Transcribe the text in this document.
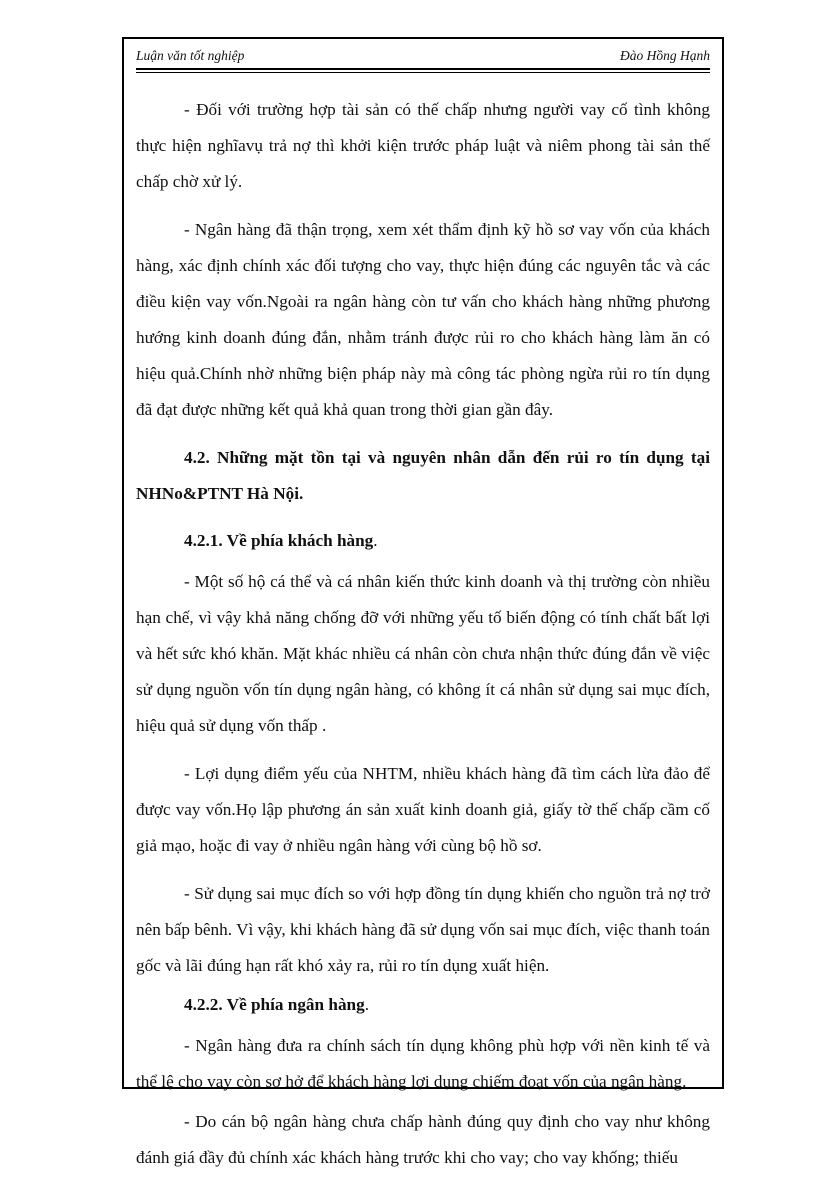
Luận văn tốt nghiệp	Đào Hồng Hạnh

- Đối với trường hợp tài sản có thế chấp nhưng người vay cố tình không thực hiện nghĩavụ trả nợ thì khởi kiện trước pháp luật và niêm phong tài sản thế chấp chờ xử lý.

- Ngân hàng đã thận trọng, xem xét thẩm định kỹ hồ sơ vay vốn của khách hàng, xác định chính xác đối tượng cho vay, thực hiện đúng các nguyên tắc và các điều kiện vay vốn.Ngoài ra ngân hàng còn tư vấn cho khách hàng những phương hướng kinh doanh đúng đắn, nhằm tránh được rủi ro cho khách hàng làm ăn có hiệu quả.Chính nhờ những biện pháp này mà công tác phòng ngừa rủi ro tín dụng đã đạt được những kết quả khả quan trong thời gian gần đây.

4.2. Những mặt tồn tại và nguyên nhân dẫn đến rủi ro tín dụng tại NHNo&PTNT Hà Nội.

4.2.1. Về phía khách hàng.

- Một số hộ cá thể và cá nhân kiến thức kinh doanh và thị trường còn nhiều hạn chế, vì vậy khả năng chống đỡ với những yếu tố biến động có tính chất bất lợi và hết sức khó khăn. Mặt khác nhiều cá nhân còn chưa nhận thức đúng đắn về việc sử dụng nguồn vốn tín dụng ngân hàng, có không ít cá nhân sử dụng sai mục đích, hiệu quả sử dụng vốn thấp .

- Lợi dụng điểm yếu của NHTM, nhiều khách hàng đã tìm cách lừa đảo để được vay vốn.Họ lập phương án sản xuất kinh doanh giả, giấy tờ thế chấp cầm cố giả mạo, hoặc đi vay ở nhiều ngân hàng với cùng bộ hồ sơ.

- Sử dụng sai mục đích so với hợp đồng tín dụng khiến cho nguồn trả nợ trở nên bấp bênh. Vì vậy, khi khách hàng đã sử dụng vốn sai mục đích, việc thanh toán gốc và lãi đúng hạn rất khó xảy ra, rủi ro tín dụng xuất hiện.

4.2.2. Về phía ngân hàng.

- Ngân hàng đưa ra chính sách tín dụng không phù hợp với nền kinh tế và thể lệ cho vay còn sơ hở để khách hàng lợi dụng chiếm đoạt vốn của ngân hàng.

- Do cán bộ ngân hàng chưa chấp hành đúng quy định cho vay như không đánh giá đầy đủ chính xác khách hàng trước khi cho vay; cho vay khống; thiếu
